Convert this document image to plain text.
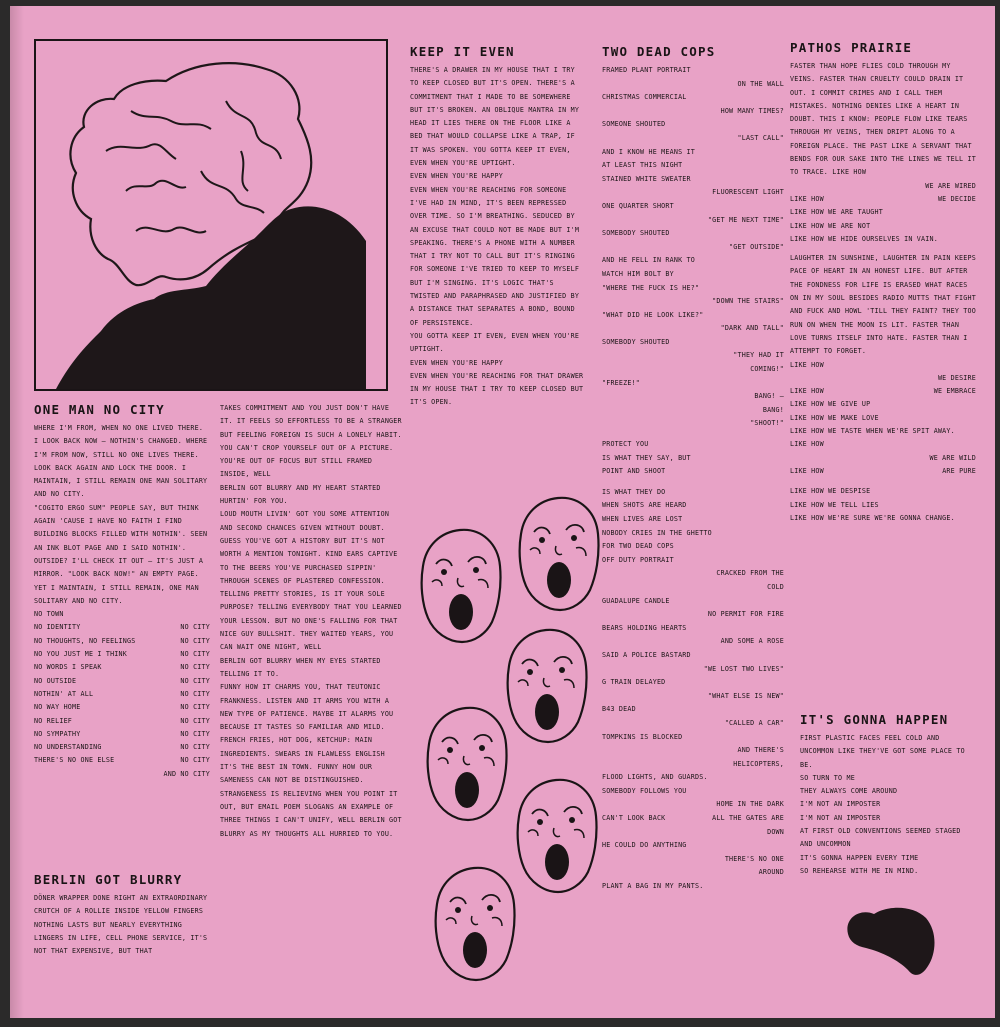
ONE MAN NO CITY

WHERE I'M FROM, WHEN NO ONE LIVED THERE. I LOOK BACK NOW – NOTHIN'S CHANGED. WHERE I'M FROM NOW, STILL NO ONE LIVES THERE. LOOK BACK AGAIN AND LOCK THE DOOR. I MAINTAIN, I STILL REMAIN ONE MAN SOLITARY AND NO CITY.

"COGITO ERGO SUM" PEOPLE SAY, BUT THINK AGAIN 'CAUSE I HAVE NO FAITH I FIND BUILDING BLOCKS FILLED WITH NOTHIN'. SEEN AN INK BLOT PAGE AND I SAID NOTHIN'. OUTSIDE? I'LL CHECK IT OUT – IT'S JUST A MIRROR. "LOOK BACK NOW!" AN EMPTY PAGE. YET I MAINTAIN, I STILL REMAIN, ONE MAN SOLITARY AND NO CITY.

NO TOWN
NO IDENTITY	NO CITY
NO THOUGHTS, NO FEELINGS	NO CITY
NO YOU JUST ME I THINK	NO CITY
NO WORDS I SPEAK	NO CITY
NO OUTSIDE	NO CITY
NOTHIN' AT ALL	NO CITY
NO WAY HOME	NO CITY
NO RELIEF	NO CITY
NO SYMPATHY	NO CITY
NO UNDERSTANDING	NO CITY
THERE'S NO ONE ELSE	NO CITY

AND NO CITY

BERLIN GOT BLURRY

DÖNER WRAPPER DONE RIGHT AN EXTRAORDINARY CRUTCH OF A ROLLIE INSIDE YELLOW FINGERS NOTHING LASTS BUT NEARLY EVERYTHING LINGERS IN LIFE, CELL PHONE SERVICE, IT'S NOT THAT EXPENSIVE, BUT THAT

TAKES COMMITMENT AND YOU JUST DON'T HAVE IT. IT FEELS SO EFFORTLESS TO BE A STRANGER BUT FEELING FOREIGN IS SUCH A LONELY HABIT. YOU CAN'T CROP YOURSELF OUT OF A PICTURE. YOU'RE OUT OF FOCUS BUT STILL FRAMED INSIDE, WELL

BERLIN GOT BLURRY AND MY HEART STARTED HURTIN' FOR YOU.

LOUD MOUTH LIVIN' GOT YOU SOME ATTENTION AND SECOND CHANCES GIVEN WITHOUT DOUBT. GUESS YOU'VE GOT A HISTORY BUT IT'S NOT WORTH A MENTION TONIGHT. KIND EARS CAPTIVE TO THE BEERS YOU'VE PURCHASED SIPPIN' THROUGH SCENES OF PLASTERED CONFESSION. TELLING PRETTY STORIES, IS IT YOUR SOLE PURPOSE? TELLING EVERYBODY THAT YOU LEARNED YOUR LESSON. BUT NO ONE'S FALLING FOR THAT NICE GUY BULLSHIT. THEY WAITED YEARS, YOU CAN WAIT ONE NIGHT, WELL

BERLIN GOT BLURRY WHEN MY EYES STARTED TELLING IT TO.

FUNNY HOW IT CHARMS YOU, THAT TEUTONIC FRANKNESS. LISTEN AND IT ARMS YOU WITH A NEW TYPE OF PATIENCE. MAYBE IT ALARMS YOU BECAUSE IT TASTES SO FAMILIAR AND MILD. FRENCH FRIES, HOT DOG, KETCHUP: MAIN INGREDIENTS. SWEARS IN FLAWLESS ENGLISH IT'S THE BEST IN TOWN. FUNNY HOW OUR SAMENESS CAN NOT BE DISTINGUISHED. STRANGENESS IS RELIEVING WHEN YOU POINT IT OUT, BUT EMAIL POEM SLOGANS AN EXAMPLE OF THREE THINGS I CAN'T UNIFY, WELL BERLIN GOT BLURRY AS MY THOUGHTS ALL HURRIED TO YOU.

KEEP IT EVEN

THERE'S A DRAWER IN MY HOUSE THAT I TRY TO KEEP CLOSED BUT IT'S OPEN. THERE'S A COMMITMENT THAT I MADE TO BE SOMEWHERE BUT IT'S BROKEN. AN OBLIQUE MANTRA IN MY HEAD IT LIES THERE ON THE FLOOR LIKE A BED THAT WOULD COLLAPSE LIKE A TRAP, IF IT WAS SPOKEN. YOU GOTTA KEEP IT EVEN, EVEN WHEN YOU'RE UPTIGHT.

EVEN WHEN YOU'RE HAPPY

EVEN WHEN YOU'RE REACHING FOR SOMEONE I'VE HAD IN MIND, IT'S BEEN REPRESSED OVER TIME. SO I'M BREATHING. SEDUCED BY AN EXCUSE THAT COULD NOT BE MADE BUT I'M SPEAKING. THERE'S A PHONE WITH A NUMBER THAT I TRY NOT TO CALL BUT IT'S RINGING FOR SOMEONE I'VE TRIED TO KEEP TO MYSELF BUT I'M SINGING. IT'S LOGIC THAT'S TWISTED AND PARAPHRASED AND JUSTIFIED BY A DISTANCE THAT SEPARATES A BOND, BOUND OF PERSISTENCE.

YOU GOTTA KEEP IT EVEN, EVEN WHEN YOU'RE UPTIGHT.

EVEN WHEN YOU'RE HAPPY

EVEN WHEN YOU'RE REACHING FOR THAT DRAWER IN MY HOUSE THAT I TRY TO KEEP CLOSED BUT IT'S OPEN.

TWO DEAD COPS
FRAMED PLANT PORTRAIT
ON THE WALL
CHRISTMAS COMMERCIAL
HOW MANY TIMES?
SOMEONE SHOUTED
"LAST CALL"
AND I KNOW HE MEANS IT
AT LEAST THIS NIGHT
STAINED WHITE SWEATER
FLUORESCENT LIGHT
ONE QUARTER SHORT
"GET ME NEXT TIME"
SOMEBODY SHOUTED
"GET OUTSIDE"
AND HE FELL IN RANK TO
WATCH HIM BOLT BY
"WHERE THE FUCK IS HE?"
"DOWN THE STAIRS"
"WHAT DID HE LOOK LIKE?"
"DARK AND TALL"
SOMEBODY SHOUTED
"THEY HAD IT
COMING!"
"FREEZE!"
BANG! –
BANG!
"SHOOT!"
PROTECT YOU
IS WHAT THEY SAY, BUT
POINT AND SHOOT
IS WHAT THEY DO
WHEN SHOTS ARE HEARD
WHEN LIVES ARE LOST
NOBODY CRIES IN THE GHETTO
FOR TWO DEAD COPS
OFF DUTY PORTRAIT
CRACKED FROM THE
COLD
GUADALUPE CANDLE
NO PERMIT FOR FIRE
BEARS HOLDING HEARTS
AND SOME A ROSE
SAID A POLICE BASTARD
"WE LOST TWO LIVES"
G TRAIN DELAYED
"WHAT ELSE IS NEW"
B43 DEAD
"CALLED A CAR"
TOMPKINS IS BLOCKED
AND THERE'S
HELICOPTERS,
FLOOD LIGHTS, AND GUARDS.
SOMEBODY FOLLOWS YOU
HOME IN THE DARK
CAN'T LOOK BACK	ALL THE GATES ARE
DOWN
HE COULD DO ANYTHING
THERE'S NO ONE
AROUND
PLANT A BAG IN MY PANTS.
PATHOS PRAIRIE

FASTER THAN HOPE FLIES COLD THROUGH MY VEINS. FASTER THAN CRUELTY COULD DRAIN IT OUT. I COMMIT CRIMES AND I CALL THEM MISTAKES. NOTHING DENIES LIKE A HEART IN DOUBT. THIS I KNOW: PEOPLE FLOW LIKE TEARS THROUGH MY VEINS, THEN DRIPT ALONG TO A FOREIGN PLACE. THE PAST LIKE A SERVANT THAT BENDS FOR OUR SAKE INTO THE LINES WE TELL IT TO TRACE. LIKE HOW

WE ARE WIRED
LIKE HOW	WE DECIDE
LIKE HOW WE ARE TAUGHT
LIKE HOW WE ARE NOT
LIKE HOW WE HIDE OURSELVES IN VAIN.

LAUGHTER IN SUNSHINE, LAUGHTER IN PAIN KEEPS PACE OF HEART IN AN HONEST LIFE. BUT AFTER THE FONDNESS FOR LIFE IS ERASED WHAT RACES ON IN MY SOUL BESIDES RADIO MUTTS THAT FIGHT AND FUCK AND HOWL 'TILL THEY FAINT? THEY TOO RUN ON WHEN THE MOON IS LIT. FASTER THAN LOVE TURNS ITSELF INTO HATE. FASTER THAN I ATTEMPT TO FORGET.

LIKE HOW
WE DESIRE
LIKE HOW	WE EMBRACE
LIKE HOW WE GIVE UP
LIKE HOW WE MAKE LOVE
LIKE HOW WE TASTE WHEN WE'RE SPIT AWAY.
LIKE HOW
WE ARE WILD
LIKE HOW	ARE PURE
LIKE HOW WE DESPISE
LIKE HOW WE TELL LIES
LIKE HOW WE'RE SURE WE'RE GONNA CHANGE.
IT'S GONNA HAPPEN

FIRST PLASTIC FACES FEEL COLD AND UNCOMMON LIKE THEY'VE GOT SOME PLACE TO BE.

SO TURN TO ME

THEY ALWAYS COME AROUND

I'M NOT AN IMPOSTER

I'M NOT AN IMPOSTER

AT FIRST OLD CONVENTIONS SEEMED STAGED AND UNCOMMON

IT'S GONNA HAPPEN EVERY TIME

SO REHEARSE WITH ME IN MIND.
